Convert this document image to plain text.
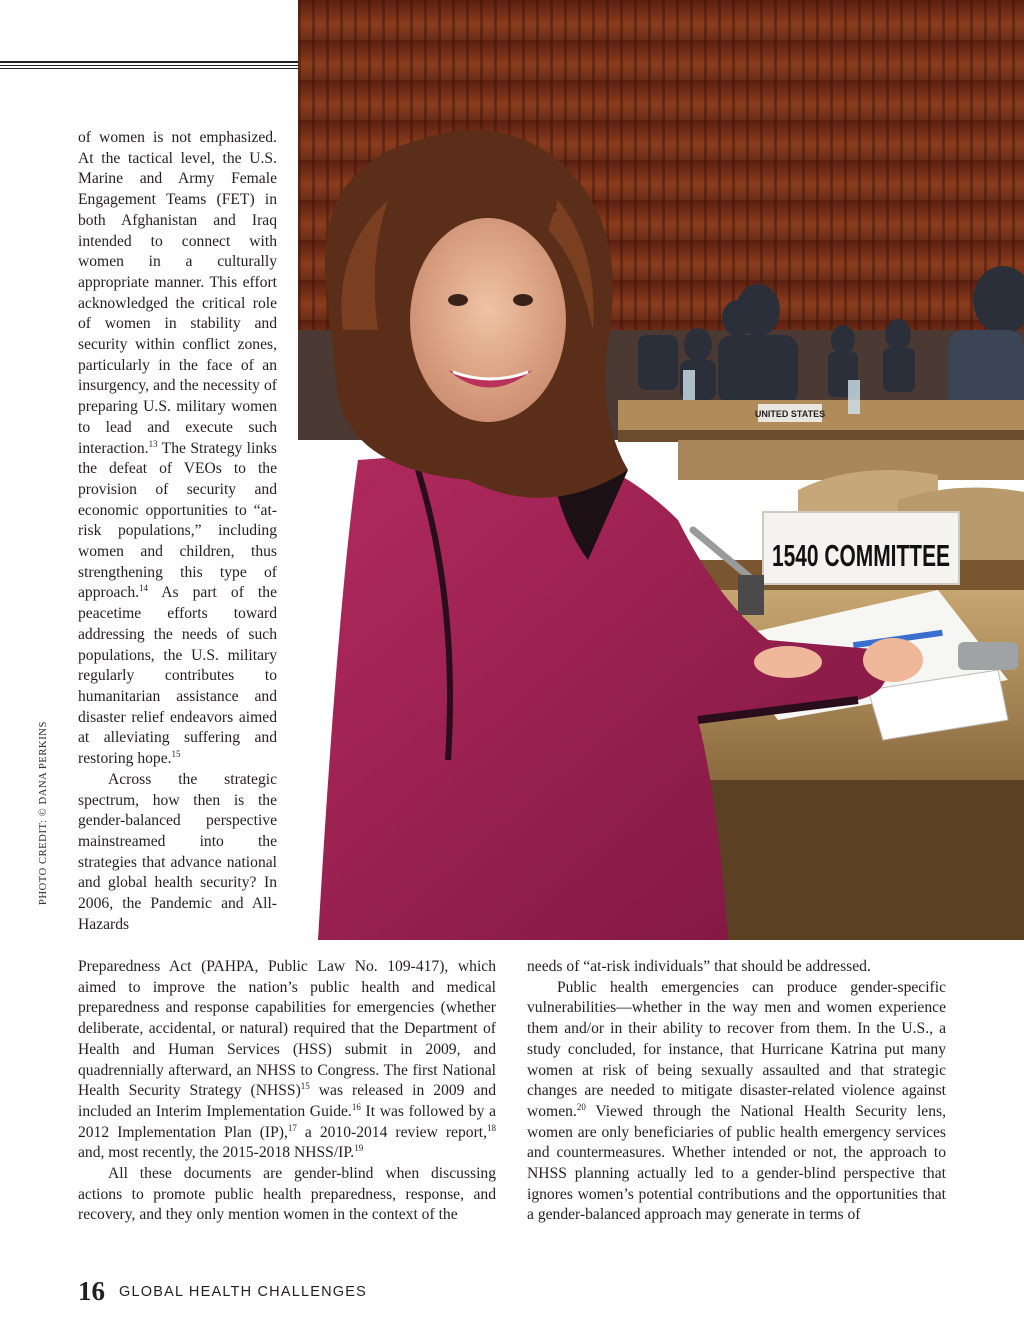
UNITED STATES
1540 COMMITTEE
PHOTO CREDIT: © DANA PERKINS

of women is not emphasized. At the tactical level, the U.S. Marine and Army Female Engagement Teams (FET) in both Afghanistan and Iraq intended to connect with women in a culturally appropriate manner. This effort acknowledged the critical role of women in stability and security within conflict zones, particularly in the face of an insurgency, and the necessity of preparing U.S. military women to lead and execute such interaction.$^{13}$ The Strategy links the defeat of VEOs to the provision of security and economic opportunities to “at-risk populations,” including women and children, thus strengthening this type of approach.$^{14}$ As part of the peacetime efforts toward addressing the needs of such populations, the U.S. military regularly contributes to humanitarian assistance and disaster relief endeavors aimed at alleviating suffering and restoring hope.$^{15}$

Across the strategic spectrum, how then is the gender-balanced perspective mainstreamed into the strategies that advance national and global health security? In 2006, the Pandemic and All-Hazards

Preparedness Act (PAHPA, Public Law No. 109-417), which aimed to improve the nation’s public health and medical preparedness and response capabilities for emergencies (whether deliberate, accidental, or natural) required that the Department of Health and Human Services (HSS) submit in 2009, and quadrennially afterward, an NHSS to Congress. The first National Health Security Strategy (NHSS)$^{15}$ was released in 2009 and included an Interim Implementation Guide.$^{16}$ It was followed by a 2012 Implementation Plan (IP),$^{17}$ a 2010-2014 review report,$^{18}$ and, most recently, the 2015-2018 NHSS/IP.$^{19}$

All these documents are gender-blind when discussing actions to promote public health preparedness, response, and recovery, and they only mention women in the context of the

needs of “at-risk individuals” that should be addressed.

Public health emergencies can produce gender-specific vulnerabilities—whether in the way men and women experience them and/or in their ability to recover from them. In the U.S., a study concluded, for instance, that Hurricane Katrina put many women at risk of being sexually assaulted and that strategic changes are needed to mitigate disaster-related violence against women.$^{20}$ Viewed through the National Health Security lens, women are only beneficiaries of public health emergency services and countermeasures. Whether intended or not, the approach to NHSS planning actually led to a gender-blind perspective that ignores women’s potential contributions and the opportunities that a gender-balanced approach may generate in terms of

16 GLOBAL HEALTH CHALLENGES
